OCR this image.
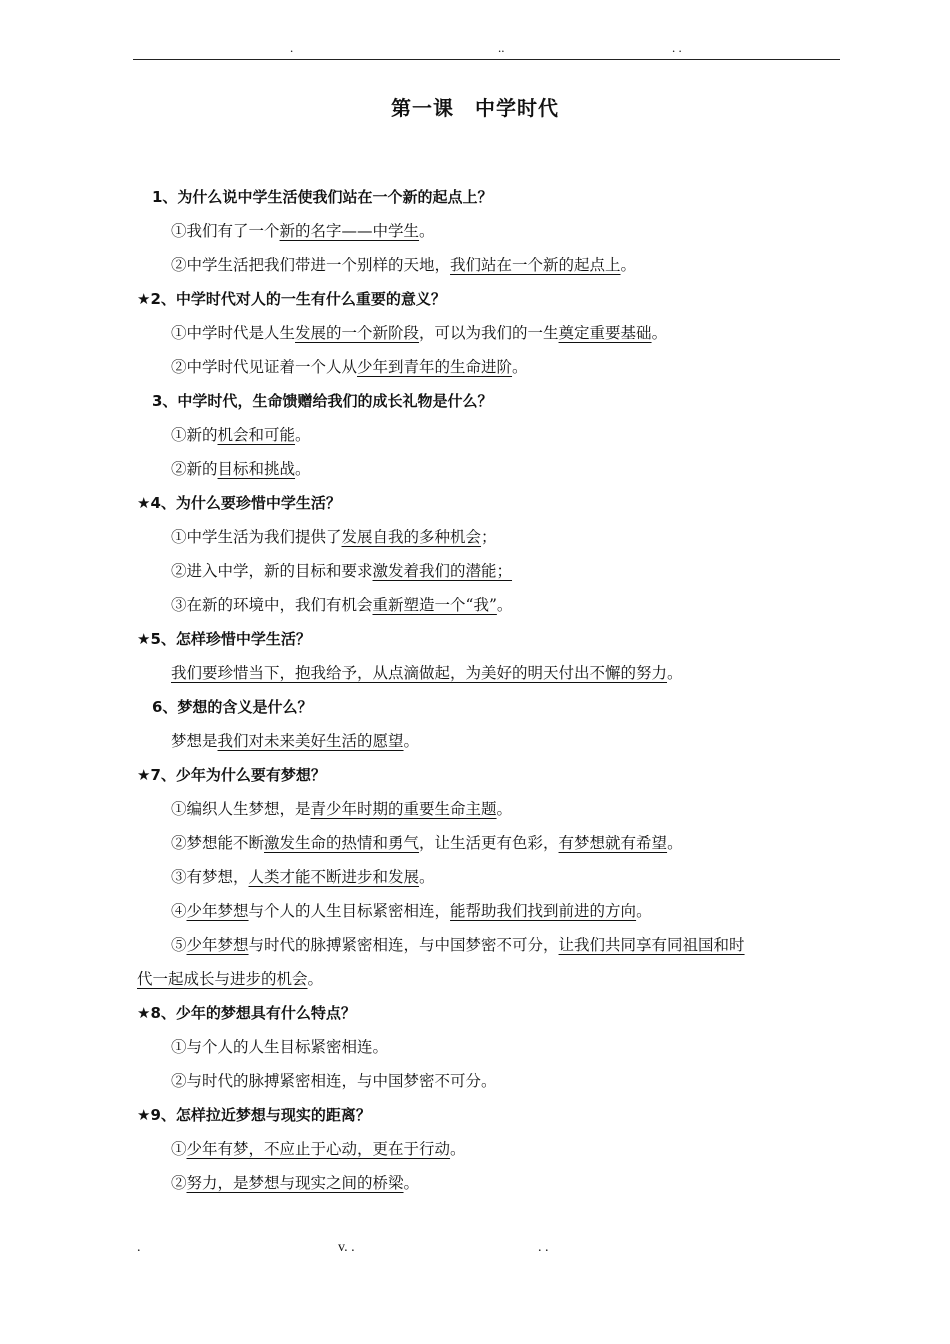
.	..	. .
第一课　中学时代
1、为什么说中学生活使我们站在一个新的起点上？
①我们有了一个新的名字——中学生。
②中学生活把我们带进一个别样的天地，我们站在一个新的起点上。
★2、中学时代对人的一生有什么重要的意义？
①中学时代是人生发展的一个新阶段，可以为我们的一生奠定重要基础。
②中学时代见证着一个人从少年到青年的生命进阶。
3、中学时代，生命馈赠给我们的成长礼物是什么？
①新的机会和可能。
②新的目标和挑战。
★4、为什么要珍惜中学生活？
①中学生活为我们提供了发展自我的多种机会；
②进入中学，新的目标和要求激发着我们的潜能；
③在新的环境中，我们有机会重新塑造一个“我”。
★5、怎样珍惜中学生活？
我们要珍惜当下，抱我给予，从点滴做起，为美好的明天付出不懈的努力。
6、梦想的含义是什么？
梦想是我们对未来美好生活的愿望。
★7、少年为什么要有梦想？
①编织人生梦想，是青少年时期的重要生命主题。
②梦想能不断激发生命的热情和勇气，让生活更有色彩，有梦想就有希望。
③有梦想，人类才能不断进步和发展。
④少年梦想与个人的人生目标紧密相连，能帮助我们找到前进的方向。
⑤少年梦想与时代的脉搏紧密相连，与中国梦密不可分，让我们共同享有同祖国和时
代一起成长与进步的机会。
★8、少年的梦想具有什么特点？
①与个人的人生目标紧密相连。
②与时代的脉搏紧密相连，与中国梦密不可分。
★9、怎样拉近梦想与现实的距离？
①少年有梦，不应止于心动，更在于行动。
②努力，是梦想与现实之间的桥梁。
.	v. .	. .
